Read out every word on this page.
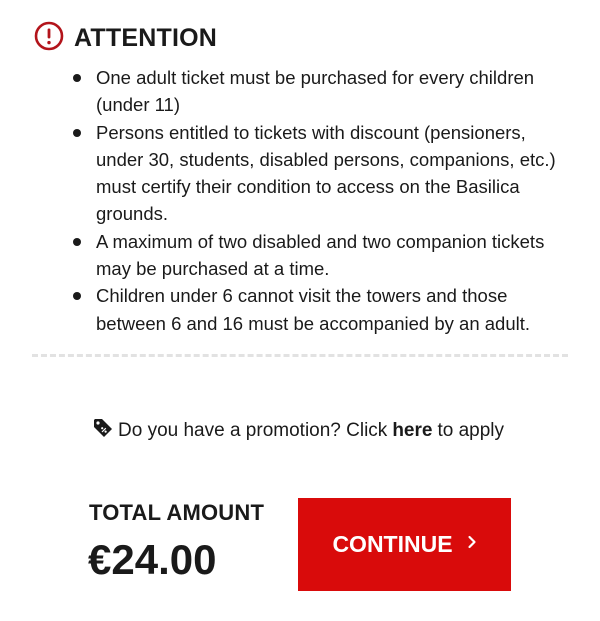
ATTENTION
One adult ticket must be purchased for every children (under 11)
Persons entitled to tickets with discount (pensioners, under 30, students, disabled persons, companions, etc.) must certify their condition to access on the Basilica grounds.
A maximum of two disabled and two companion tickets may be purchased at a time.
Children under 6 cannot visit the towers and those between 6 and 16 must be accompanied by an adult.
Do you have a promotion? Click here to apply
TOTAL AMOUNT
€24.00	CONTINUE
